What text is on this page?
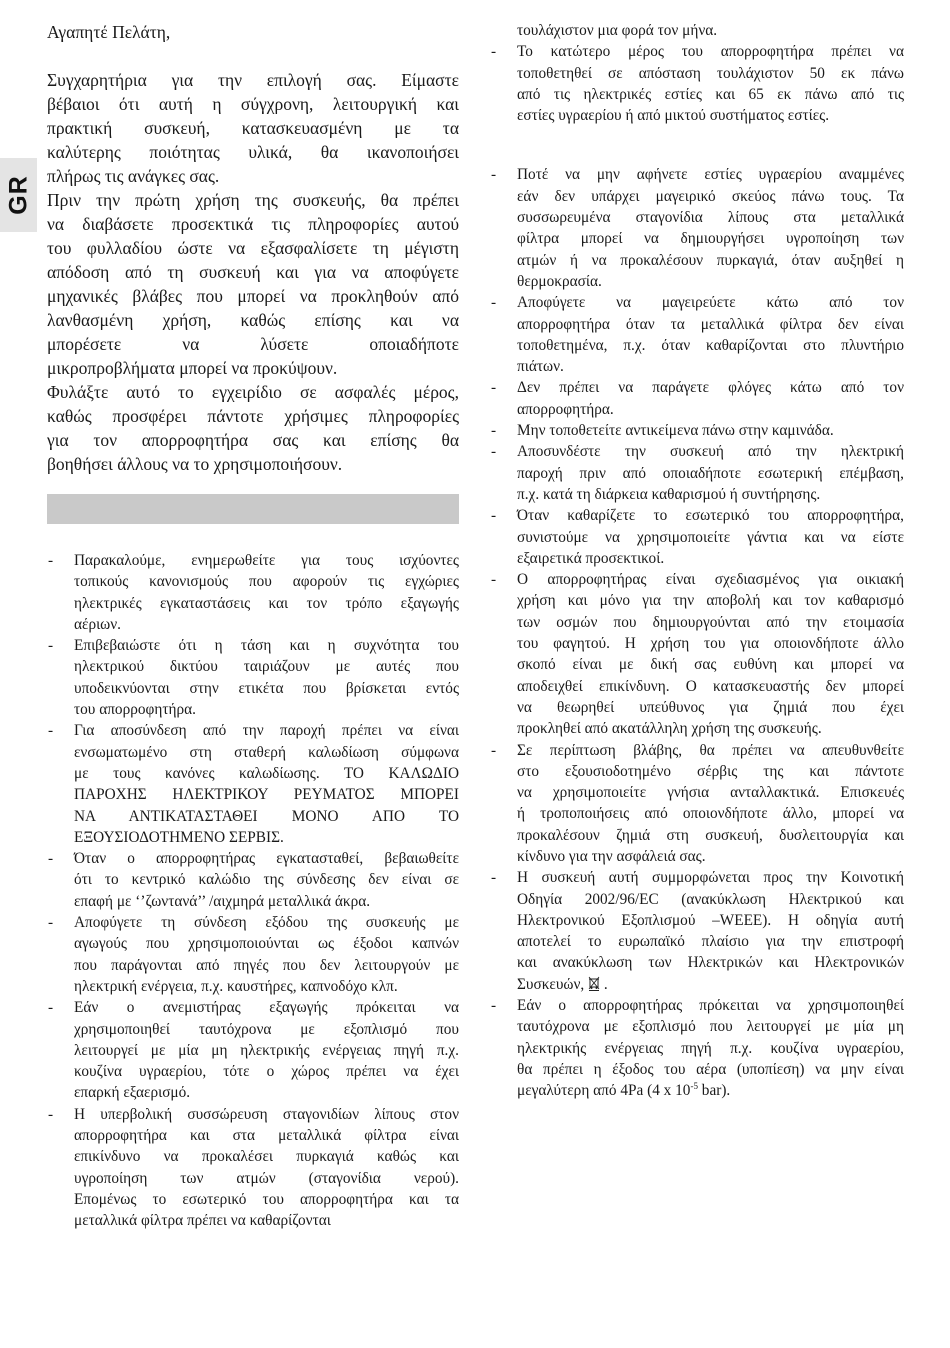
GR

Αγαπητέ Πελάτη,

Συγχαρητήρια για την επιλογή σας. Είμαστε
βέβαιοι ότι αυτή η σύγχρονη, λειτουργική και
πρακτική συσκευή, κατασκευασμένη με τα
καλύτερης ποιότητας υλικά, θα ικανοποιήσει
πλήρως τις ανάγκες σας.

Πριν την πρώτη χρήση της συσκευής, θα πρέπει
να διαβάσετε προσεκτικά τις πληροφορίες αυτού
του φυλλαδίου ώστε να εξασφαλίσετε τη μέγιστη
απόδοση από τη συσκευή και για να αποφύγετε
μηχανικές βλάβες που μπορεί να προκληθούν από
λανθασμένη χρήση, καθώς επίσης και να
μπορέσετε να λύσετε οποιαδήποτε
μικροπροβλήματα μπορεί να προκύψουν.

Φυλάξτε αυτό το εγχειρίδιο σε ασφαλές μέρος,
καθώς προσφέρει πάντοτε χρήσιμες πληροφορίες
για τον απορροφητήρα σας και επίσης θα
βοηθήσει άλλους να το χρησιμοποιήσουν.

- Παρακαλούμε, ενημερωθείτε για τους ισχύοντες
τοπικούς κανονισμούς που αφορούν τις εγχώριες
ηλεκτρικές εγκαταστάσεις και τον τρόπο εξαγωγής
αέριων.
- Επιβεβαιώστε ότι η τάση και η συχνότητα του
ηλεκτρικού δικτύου ταιριάζουν με αυτές που
υποδεικνύονται στην ετικέτα που βρίσκεται εντός
του απορροφητήρα.
- Για αποσύνδεση από την παροχή πρέπει να είναι
ενσωματωμένο στη σταθερή καλωδίωση σύμφωνα
με τους κανόνες καλωδίωσης. ΤΟ ΚΑΛΩΔΙΟ
ΠΑΡΟΧΗΣ ΗΛΕΚΤΡΙΚΟΥ ΡΕΥΜΑΤΟΣ ΜΠΟΡΕΙ
ΝΑ ΑΝΤΙΚΑΤΑΣΤΑΘΕΙ ΜΟΝΟ ΑΠΟ ΤΟ
ΕΞΟΥΣΙΟΔΟΤΗΜΕΝΟ ΣΕΡΒΙΣ.
- Όταν ο απορροφητήρας εγκατασταθεί, βεβαιωθείτε
ότι το κεντρικό καλώδιο της σύνδεσης δεν είναι σε
επαφή με ‘’ζωντανά’’ /αιχμηρά μεταλλικά άκρα.
- Αποφύγετε τη σύνδεση εξόδου της συσκευής με
αγωγούς που χρησιμοποιούνται ως έξοδοι καπνών
που παράγονται από πηγές που δεν λειτουργούν με
ηλεκτρική ενέργεια, π.χ. καυστήρες, καπνοδόχο κλπ.
- Εάν ο ανεμιστήρας εξαγωγής πρόκειται να
χρησιμοποιηθεί ταυτόχρονα με εξοπλισμό που
λειτουργεί με μία μη ηλεκτρικής ενέργειας πηγή π.χ.
κουζίνα υγραερίου, τότε ο χώρος πρέπει να έχει
επαρκή εξαερισμό.
- Η υπερβολική συσσώρευση σταγονιδίων λίπους στον
απορροφητήρα και στα μεταλλικά φίλτρα είναι
επικίνδυνο να προκαλέσει πυρκαγιά καθώς και
υγροποίηση των ατμών (σταγονίδια νερού).
Επομένως το εσωτερικό του απορροφητήρα και τα
μεταλλικά φίλτρα πρέπει να καθαρίζονται
τουλάχιστον μια φορά τον μήνα.
- Το κατώτερο μέρος του απορροφητήρα πρέπει να
τοποθετηθεί σε απόσταση τουλάχιστον 50 εκ πάνω
από τις ηλεκτρικές εστίες και 65 εκ πάνω από τις
εστίες υγραερίου ή από μικτού συστήματος εστίες.
- Ποτέ να μην αφήνετε εστίες υγραερίου αναμμένες
εάν δεν υπάρχει μαγειρικό σκεύος πάνω τους. Τα
συσσωρευμένα σταγονίδια λίπους στα μεταλλικά
φίλτρα μπορεί να δημιουργήσει υγροποίηση των
ατμών ή να προκαλέσουν πυρκαγιά, όταν αυξηθεί η
θερμοκρασία.
- Αποφύγετε να μαγειρεύετε κάτω από τον
απορροφητήρα όταν τα μεταλλικά φίλτρα δεν είναι
τοποθετημένα, π.χ. όταν καθαρίζονται στο πλυντήριο
πιάτων.
- Δεν πρέπει να παράγετε φλόγες κάτω από τον
απορροφητήρα.
- Μην τοποθετείτε αντικείμενα πάνω στην καμινάδα.
- Αποσυνδέστε την συσκευή από την ηλεκτρική
παροχή πριν από οποιαδήποτε εσωτερική επέμβαση,
π.χ. κατά τη διάρκεια καθαρισμού ή συντήρησης.
- Όταν καθαρίζετε το εσωτερικό του απορροφητήρα,
συνιστούμε να χρησιμοποιείτε γάντια και να είστε
εξαιρετικά προσεκτικοί.
- Ο απορροφητήρας είναι σχεδιασμένος για οικιακή
χρήση και μόνο για την αποβολή και τον καθαρισμό
των οσμών που δημιουργούνται από την ετοιμασία
του φαγητού. Η χρήση του για οποιονδήποτε άλλο
σκοπό είναι με δική σας ευθύνη και μπορεί να
αποδειχθεί επικίνδυνη. Ο κατασκευαστής δεν μπορεί
να θεωρηθεί υπεύθυνος για ζημιά που έχει
προκληθεί από ακατάλληλη χρήση της συσκευής.
- Σε περίπτωση βλάβης, θα πρέπει να απευθυνθείτε
στο εξουσιοδοτημένο σέρβις της και πάντοτε
να χρησιμοποιείτε γνήσια ανταλλακτικά. Επισκευές
ή τροποποιήσεις από οποιονδήποτε άλλο, μπορεί να
προκαλέσουν ζημιά στη συσκευή, δυσλειτουργία και
κίνδυνο για την ασφάλειά σας.
- Η συσκευή αυτή συμμορφώνεται προς την Κοινοτική
Οδηγία 2002/96/EC (ανακύκλωση Ηλεκτρικού και
Ηλεκτρονικού Εξοπλισμού –WEEE). Η οδηγία αυτή
αποτελεί το ευρωπαϊκό πλαίσιο για την επιστροφή
και ανακύκλωση των Ηλεκτρικών και Ηλεκτρονικών
Συσκευών, .
- Εάν ο απορροφητήρας πρόκειται να χρησιμοποιηθεί
ταυτόχρονα με εξοπλισμό που λειτουργεί με μία μη
ηλεκτρικής ενέργειας πηγή π.χ. κουζίνα υγραερίου,
θα πρέπει η έξοδος του αέρα (υποπίεση) να μην είναι
μεγαλύτερη από 4Pa (4 x $10^{-5}$ bar).
